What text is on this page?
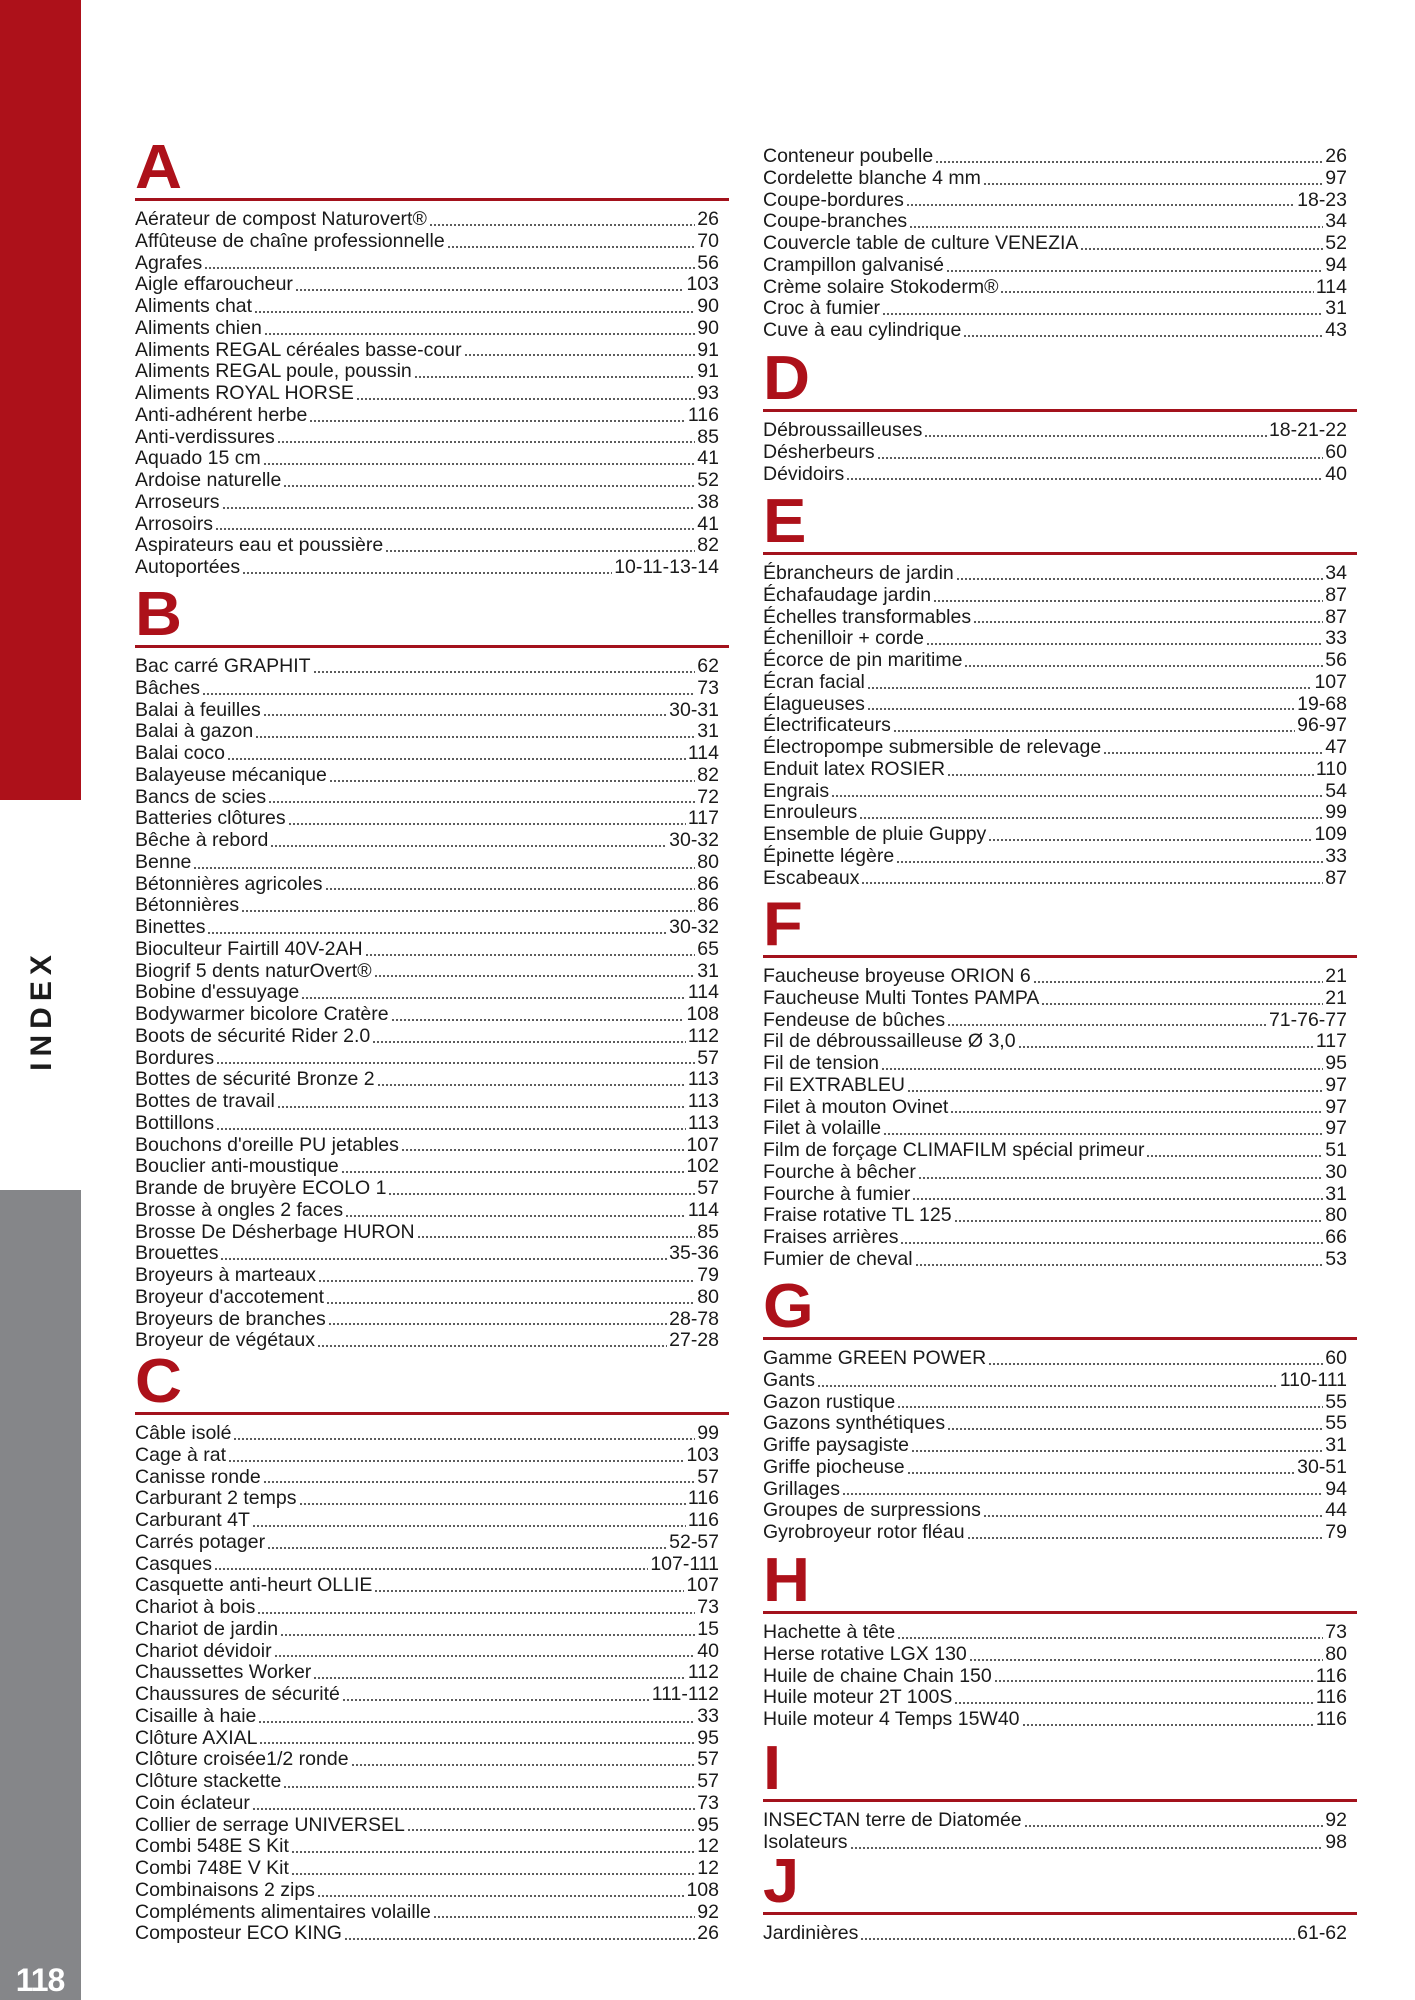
INDEX
118
A
Aérateur de compost Naturovert®	26
Affûteuse de chaîne professionnelle	70
Agrafes	56
Aigle effaroucheur	103
Aliments chat	90
Aliments chien	90
Aliments REGAL céréales basse-cour	91
Aliments REGAL poule, poussin	91
Aliments ROYAL HORSE	93
Anti-adhérent herbe	116
Anti-verdissures	85
Aquado 15 cm	41
Ardoise naturelle	52
Arroseurs	38
Arrosoirs	41
Aspirateurs eau et poussière	82
Autoportées	10-11-13-14
B
Bac carré GRAPHIT	62
Bâches	73
Balai à feuilles	30-31
Balai à gazon	31
Balai coco	114
Balayeuse mécanique	82
Bancs de scies	72
Batteries clôtures	117
Bêche à rebord	30-32
Benne	80
Bétonnières agricoles	86
Bétonnières	86
Binettes	30-32
Bioculteur Fairtill 40V-2AH	65
Biogrif 5 dents naturOvert®	31
Bobine d'essuyage	114
Bodywarmer bicolore Cratère	108
Boots de sécurité Rider 2.0	112
Bordures	57
Bottes de sécurité Bronze 2	113
Bottes de travail	113
Bottillons	113
Bouchons d'oreille PU jetables	107
Bouclier anti-moustique	102
Brande de bruyère ECOLO 1	57
Brosse à ongles 2 faces	114
Brosse De Désherbage HURON	85
Brouettes	35-36
Broyeurs à marteaux	79
Broyeur d'accotement	80
Broyeurs de branches	28-78
Broyeur de végétaux	27-28
C
Câble isolé	99
Cage à rat	103
Canisse ronde	57
Carburant 2 temps	116
Carburant 4T	116
Carrés potager	52-57
Casques	107-111
Casquette anti-heurt OLLIE	107
Chariot à bois	73
Chariot de jardin	15
Chariot dévidoir	40
Chaussettes Worker	112
Chaussures de sécurité	111-112
Cisaille à haie	33
Clôture AXIAL	95
Clôture croisée1/2 ronde	57
Clôture stackette	57
Coin éclateur	73
Collier de serrage UNIVERSEL	95
Combi 548E S Kit	12
Combi 748E V Kit	12
Combinaisons 2 zips	108
Compléments alimentaires volaille	92
Composteur ECO KING	26
Conteneur poubelle	26
Cordelette blanche 4 mm	97
Coupe-bordures	18-23
Coupe-branches	34
Couvercle table de culture VENEZIA	52
Crampillon galvanisé	94
Crème solaire Stokoderm®	114
Croc à fumier	31
Cuve à eau cylindrique	43
D
Débroussailleuses	18-21-22
Désherbeurs	60
Dévidoirs	40
E
Ébrancheurs de jardin	34
Échafaudage jardin	87
Échelles transformables	87
Échenilloir + corde	33
Écorce de pin maritime	56
Écran facial	107
Élagueuses	19-68
Électrificateurs	96-97
Électropompe submersible de relevage	47
Enduit latex ROSIER	110
Engrais	54
Enrouleurs	99
Ensemble de pluie Guppy	109
Épinette légère	33
Escabeaux	87
F
Faucheuse broyeuse ORION 6	21
Faucheuse Multi Tontes PAMPA	21
Fendeuse de bûches	71-76-77
Fil de débroussailleuse Ø 3,0	117
Fil de tension	95
Fil EXTRABLEU	97
Filet à mouton Ovinet	97
Filet à volaille	97
Film de forçage CLIMAFILM spécial primeur	51
Fourche à bêcher	30
Fourche à fumier	31
Fraise rotative TL 125	80
Fraises arrières	66
Fumier de cheval	53
G
Gamme GREEN POWER	60
Gants	110-111
Gazon rustique	55
Gazons synthétiques	55
Griffe paysagiste	31
Griffe piocheuse	30-51
Grillages	94
Groupes de surpressions	44
Gyrobroyeur rotor fléau	79
H
Hachette à tête	73
Herse rotative LGX 130	80
Huile de chaine Chain 150	116
Huile moteur 2T 100S	116
Huile moteur 4 Temps 15W40	116
I
INSECTAN terre de Diatomée	92
Isolateurs	98
J
Jardinières	61-62
